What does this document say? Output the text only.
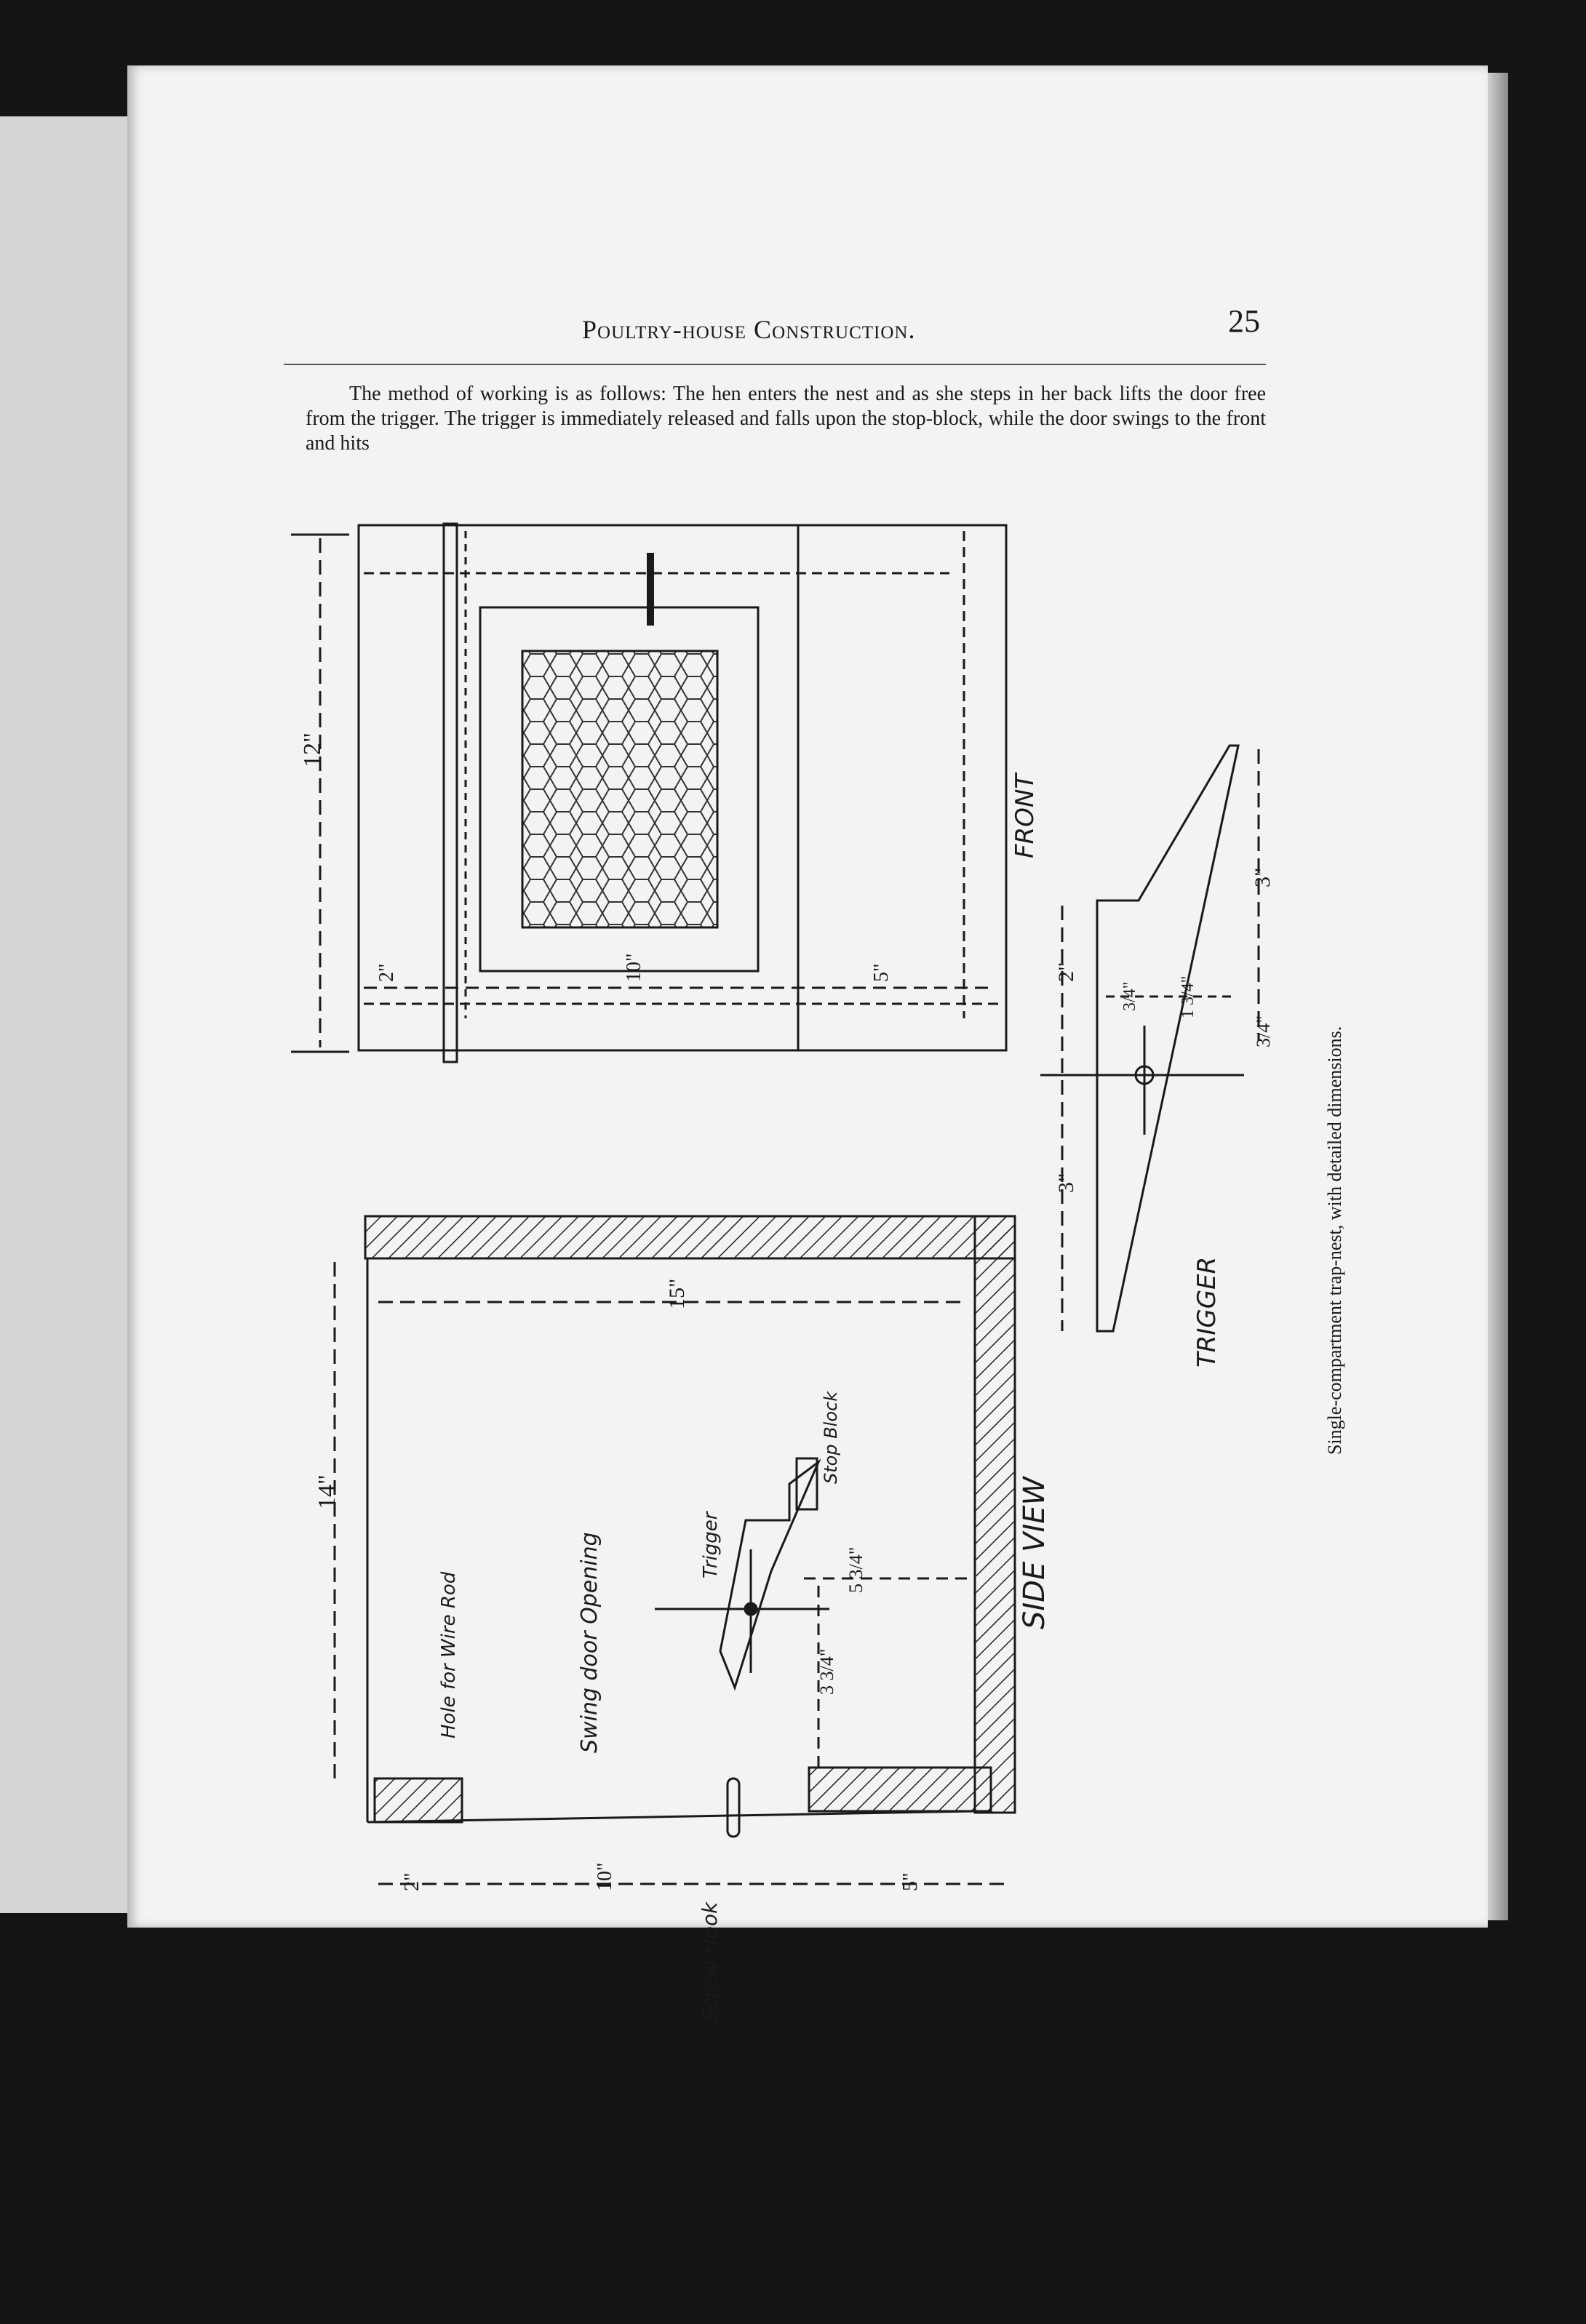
Poultry-house Construction.	25

The method of working is as follows: The hen enters the nest and as she steps in her back lifts the door free from the trigger. The trigger is immediately released and falls upon the stop-block, while the door swings to the front and hits

12"
2"	10"	5"
FRONT
3"
2"
3"
3/4"
3/4" 1 3/4"
TRIGGER
14"
15"
2"	10"	5"
3 3/4"
5 3/4"	SIDE VIEW
Hole for Wire Rod	Swing door Opening	Trigger
Stop Block
Screw Hook
Single-compartment trap-nest, with detailed dimensions.
